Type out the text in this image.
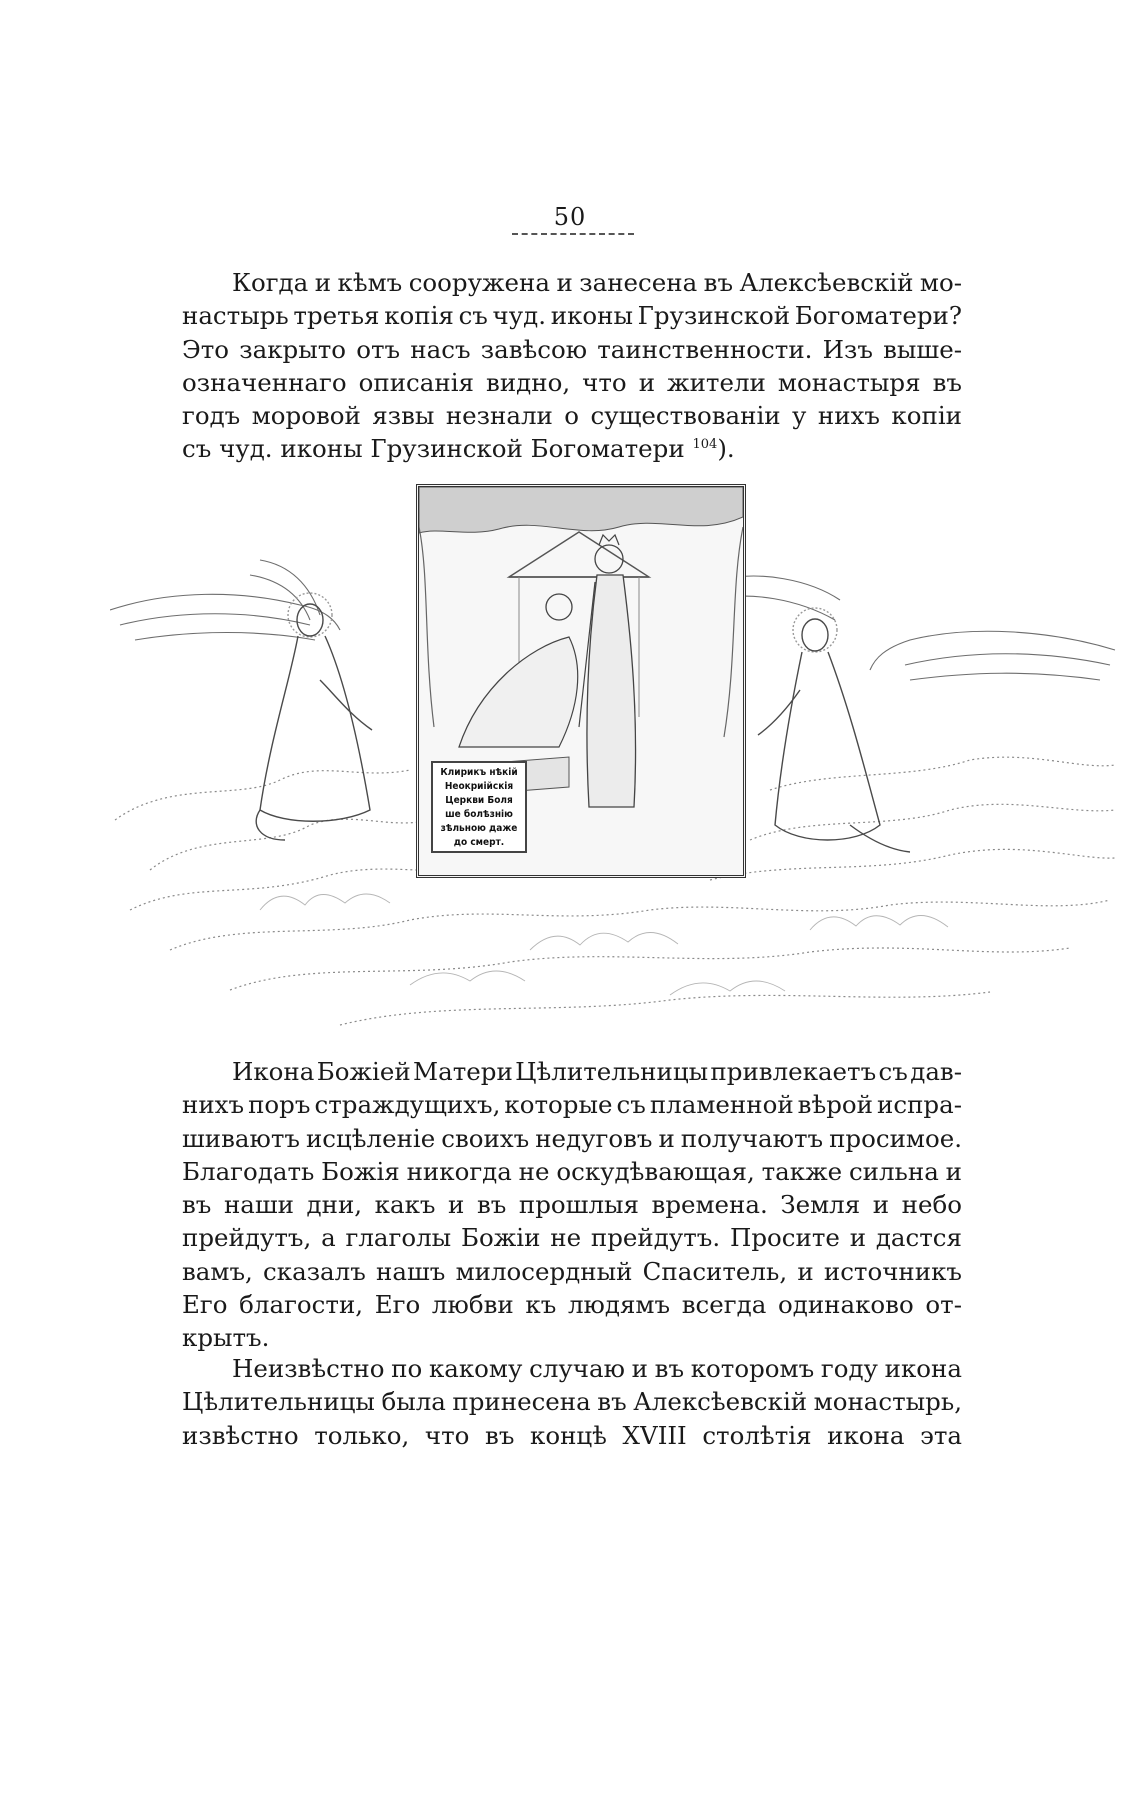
50
Когда и кѣмъ сооружена и занесена въ Алексѣевскій мо-
настырь третья копія съ чуд. иконы Грузинской Богоматери?
Это закрыто отъ насъ завѣсою таинственности. Изъ выше-
означеннаго описанія видно, что и жители монастыря въ
годъ моровой язвы незнали о существованіи у нихъ копіи
съ чуд. иконы Грузинской Богоматери $^{104}$).
Клирикъ нѣкій
Неокриійскія
Церкви Боля
ше болѣзнію
зѣльною даже
до смерт.
Икона Божіей Матери Цѣлительницы привлекаетъ съ дав-
нихъ поръ страждущихъ, которые съ пламенной вѣрой испра-
шиваютъ исцѣленіе своихъ недуговъ и получаютъ просимое.
Благодать Божія никогда не оскудѣвающая, также сильна и
въ наши дни, какъ и въ прошлыя времена. Земля и небо
прейдутъ, а глаголы Божіи не прейдутъ. Просите и дастся
вамъ, сказалъ нашъ милосердный Спаситель, и источникъ
Его благости, Его любви къ людямъ всегда одинаково от-
крытъ.
Неизвѣстно по какому случаю и въ которомъ году икона
Цѣлительницы была принесена въ Алексѣевскій монастырь,
извѣстно только, что въ концѣ XVIII столѣтія икона эта
